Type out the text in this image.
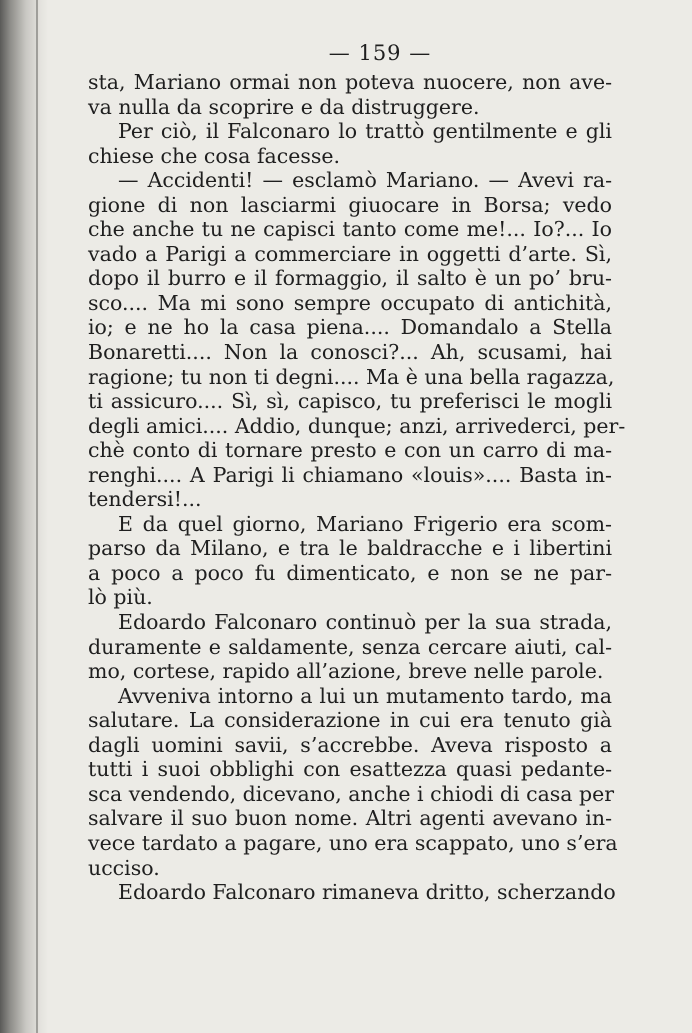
— 159 —
sta, Mariano ormai non poteva nuocere, non ave-
va nulla da scoprire e da distruggere.
Per ciò, il Falconaro lo trattò gentilmente e gli
chiese che cosa facesse.
— Accidenti! — esclamò Mariano. — Avevi ra-
gione di non lasciarmi giuocare in Borsa; vedo
che anche tu ne capisci tanto come me!... Io?... Io
vado a Parigi a commerciare in oggetti d’arte. Sì,
dopo il burro e il formaggio, il salto è un po’ bru-
sco.... Ma mi sono sempre occupato di antichità,
io; e ne ho la casa piena.... Domandalo a Stella
Bonaretti.... Non la conosci?... Ah, scusami, hai
ragione; tu non ti degni.... Ma è una bella ragazza,
ti assicuro.... Sì, sì, capisco, tu preferisci le mogli
degli amici.... Addio, dunque; anzi, arrivederci, per-
chè conto di tornare presto e con un carro di ma-
renghi.... A Parigi li chiamano «louis».... Basta in-
tendersi!...
E da quel giorno, Mariano Frigerio era scom-
parso da Milano, e tra le baldracche e i libertini
a poco a poco fu dimenticato, e non se ne par-
lò più.
Edoardo Falconaro continuò per la sua strada,
duramente e saldamente, senza cercare aiuti, cal-
mo, cortese, rapido all’azione, breve nelle parole.
Avveniva intorno a lui un mutamento tardo, ma
salutare. La considerazione in cui era tenuto già
dagli uomini savii, s’accrebbe. Aveva risposto a
tutti i suoi obblighi con esattezza quasi pedante-
sca vendendo, dicevano, anche i chiodi di casa per
salvare il suo buon nome. Altri agenti avevano in-
vece tardato a pagare, uno era scappato, uno s’era
ucciso.
Edoardo Falconaro rimaneva dritto, scherzando
